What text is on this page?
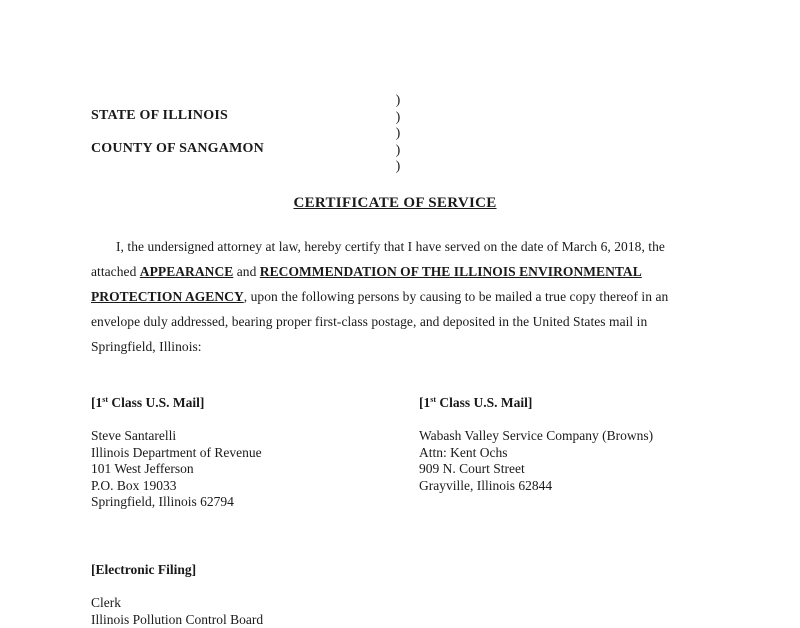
STATE OF ILLINOIS
COUNTY OF SANGAMON
)
)
)
)
)
CERTIFICATE OF SERVICE
I, the undersigned attorney at law, hereby certify that I have served on the date of March 6, 2018, the
attached APPEARANCE and RECOMMENDATION OF THE ILLINOIS ENVIRONMENTAL
PROTECTION AGENCY, upon the following persons by causing to be mailed a true copy thereof in an
envelope duly addressed, bearing proper first-class postage, and deposited in the United States mail in
Springfield, Illinois:
[1st Class U.S. Mail]
Steve Santarelli
Illinois Department of Revenue
101 West Jefferson
P.O. Box 19033
Springfield, Illinois 62794
[1st Class U.S. Mail]
Wabash Valley Service Company (Browns)
Attn: Kent Ochs
909 N. Court Street
Grayville, Illinois 62844
[Electronic Filing]
Clerk
Illinois Pollution Control Board
